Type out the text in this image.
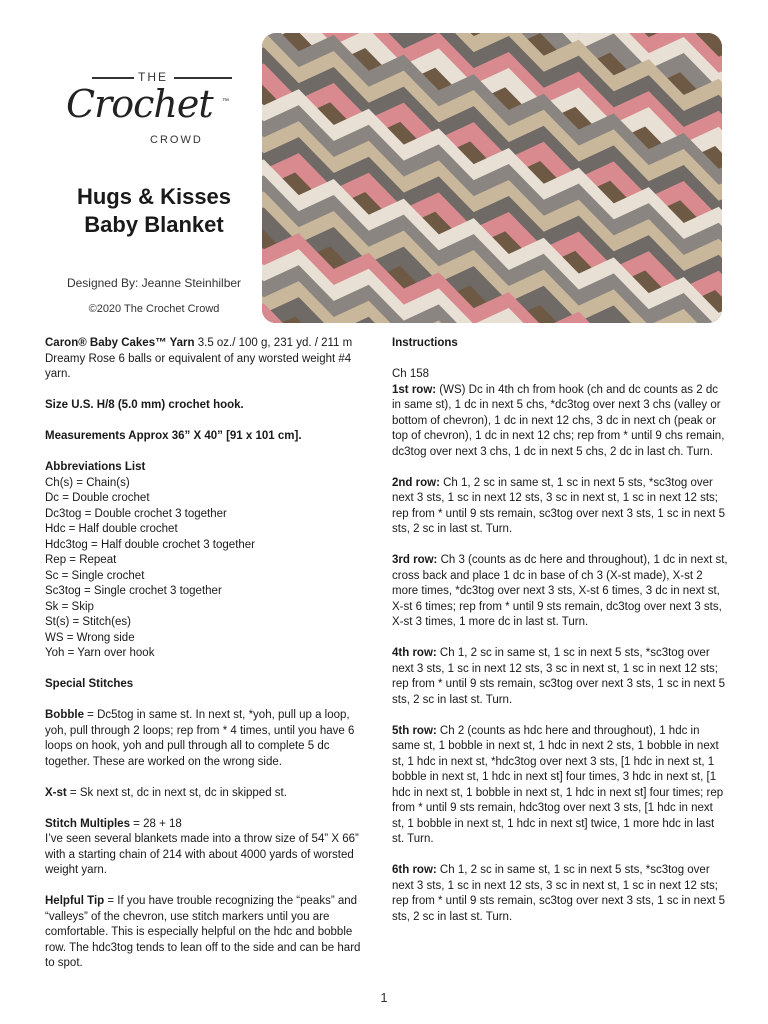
THE
Crochet ™
CROWD
Hugs & Kisses
Baby Blanket
Designed By: Jeanne Steinhilber
©2020 The Crochet Crowd
Caron® Baby Cakes™ Yarn 3.5 oz./ 100 g, 231 yd. / 211 m Dreamy Rose 6 balls or equivalent of any worsted weight #4 yarn.
Size U.S. H/8 (5.0 mm) crochet hook.
Measurements Approx 36” X 40” [91 x 101 cm].
Abbreviations List
Ch(s) = Chain(s)
Dc = Double crochet
Dc3tog = Double crochet 3 together
Hdc = Half double crochet
Hdc3tog = Half double crochet 3 together
Rep = Repeat
Sc = Single crochet
Sc3tog = Single crochet 3 together
Sk = Skip
St(s) = Stitch(es)
WS = Wrong side
Yoh = Yarn over hook
Special Stitches
Bobble = Dc5tog in same st. In next st, *yoh, pull up a loop, yoh, pull through 2 loops; rep from * 4 times, until you have 6 loops on hook, yoh and pull through all to complete 5 dc together. These are worked on the wrong side.
X-st = Sk next st, dc in next st, dc in skipped st.
Stitch Multiples = 28 + 18
I’ve seen several blankets made into a throw size of 54” X 66” with a starting chain of 214 with about 4000 yards of worsted weight yarn.
Helpful Tip = If you have trouble recognizing the “peaks” and “valleys” of the chevron, use stitch markers until you are comfortable. This is especially helpful on the hdc and bobble row. The hdc3tog tends to lean off to the side and can be hard to spot.
Instructions
Ch 158
1st row: (WS) Dc in 4th ch from hook (ch and dc counts as 2 dc in same st), 1 dc in next 5 chs, *dc3tog over next 3 chs (valley or bottom of chevron), 1 dc in next 12 chs, 3 dc in next ch (peak or top of chevron), 1 dc in next 12 chs; rep from * until 9 chs remain, dc3tog over next 3 chs, 1 dc in next 5 chs, 2 dc in last ch. Turn.
2nd row: Ch 1, 2 sc in same st, 1 sc in next 5 sts, *sc3tog over next 3 sts, 1 sc in next 12 sts, 3 sc in next st, 1 sc in next 12 sts; rep from * until 9 sts remain, sc3tog over next 3 sts, 1 sc in next 5 sts, 2 sc in last st. Turn.
3rd row: Ch 3 (counts as dc here and throughout), 1 dc in next st, cross back and place 1 dc in base of ch 3 (X-st made), X-st 2 more times, *dc3tog over next 3 sts, X-st 6 times, 3 dc in next st, X-st 6 times; rep from * until 9 sts remain, dc3tog over next 3 sts, X-st 3 times, 1 more dc in last st. Turn.
4th row: Ch 1, 2 sc in same st, 1 sc in next 5 sts, *sc3tog over next 3 sts, 1 sc in next 12 sts, 3 sc in next st, 1 sc in next 12 sts; rep from * until 9 sts remain, sc3tog over next 3 sts, 1 sc in next 5 sts, 2 sc in last st. Turn.
5th row: Ch 2 (counts as hdc here and throughout), 1 hdc in same st, 1 bobble in next st, 1 hdc in next 2 sts, 1 bobble in next st, 1 hdc in next st, *hdc3tog over next 3 sts, [1 hdc in next st, 1 bobble in next st, 1 hdc in next st] four times, 3 hdc in next st, [1 hdc in next st, 1 bobble in next st, 1 hdc in next st] four times; rep from * until 9 sts remain, hdc3tog over next 3 sts, [1 hdc in next st, 1 bobble in next st, 1 hdc in next st] twice, 1 more hdc in last st. Turn.
6th row: Ch 1, 2 sc in same st, 1 sc in next 5 sts, *sc3tog over next 3 sts, 1 sc in next 12 sts, 3 sc in next st, 1 sc in next 12 sts; rep from * until 9 sts remain, sc3tog over next 3 sts, 1 sc in next 5 sts, 2 sc in last st. Turn.
1
